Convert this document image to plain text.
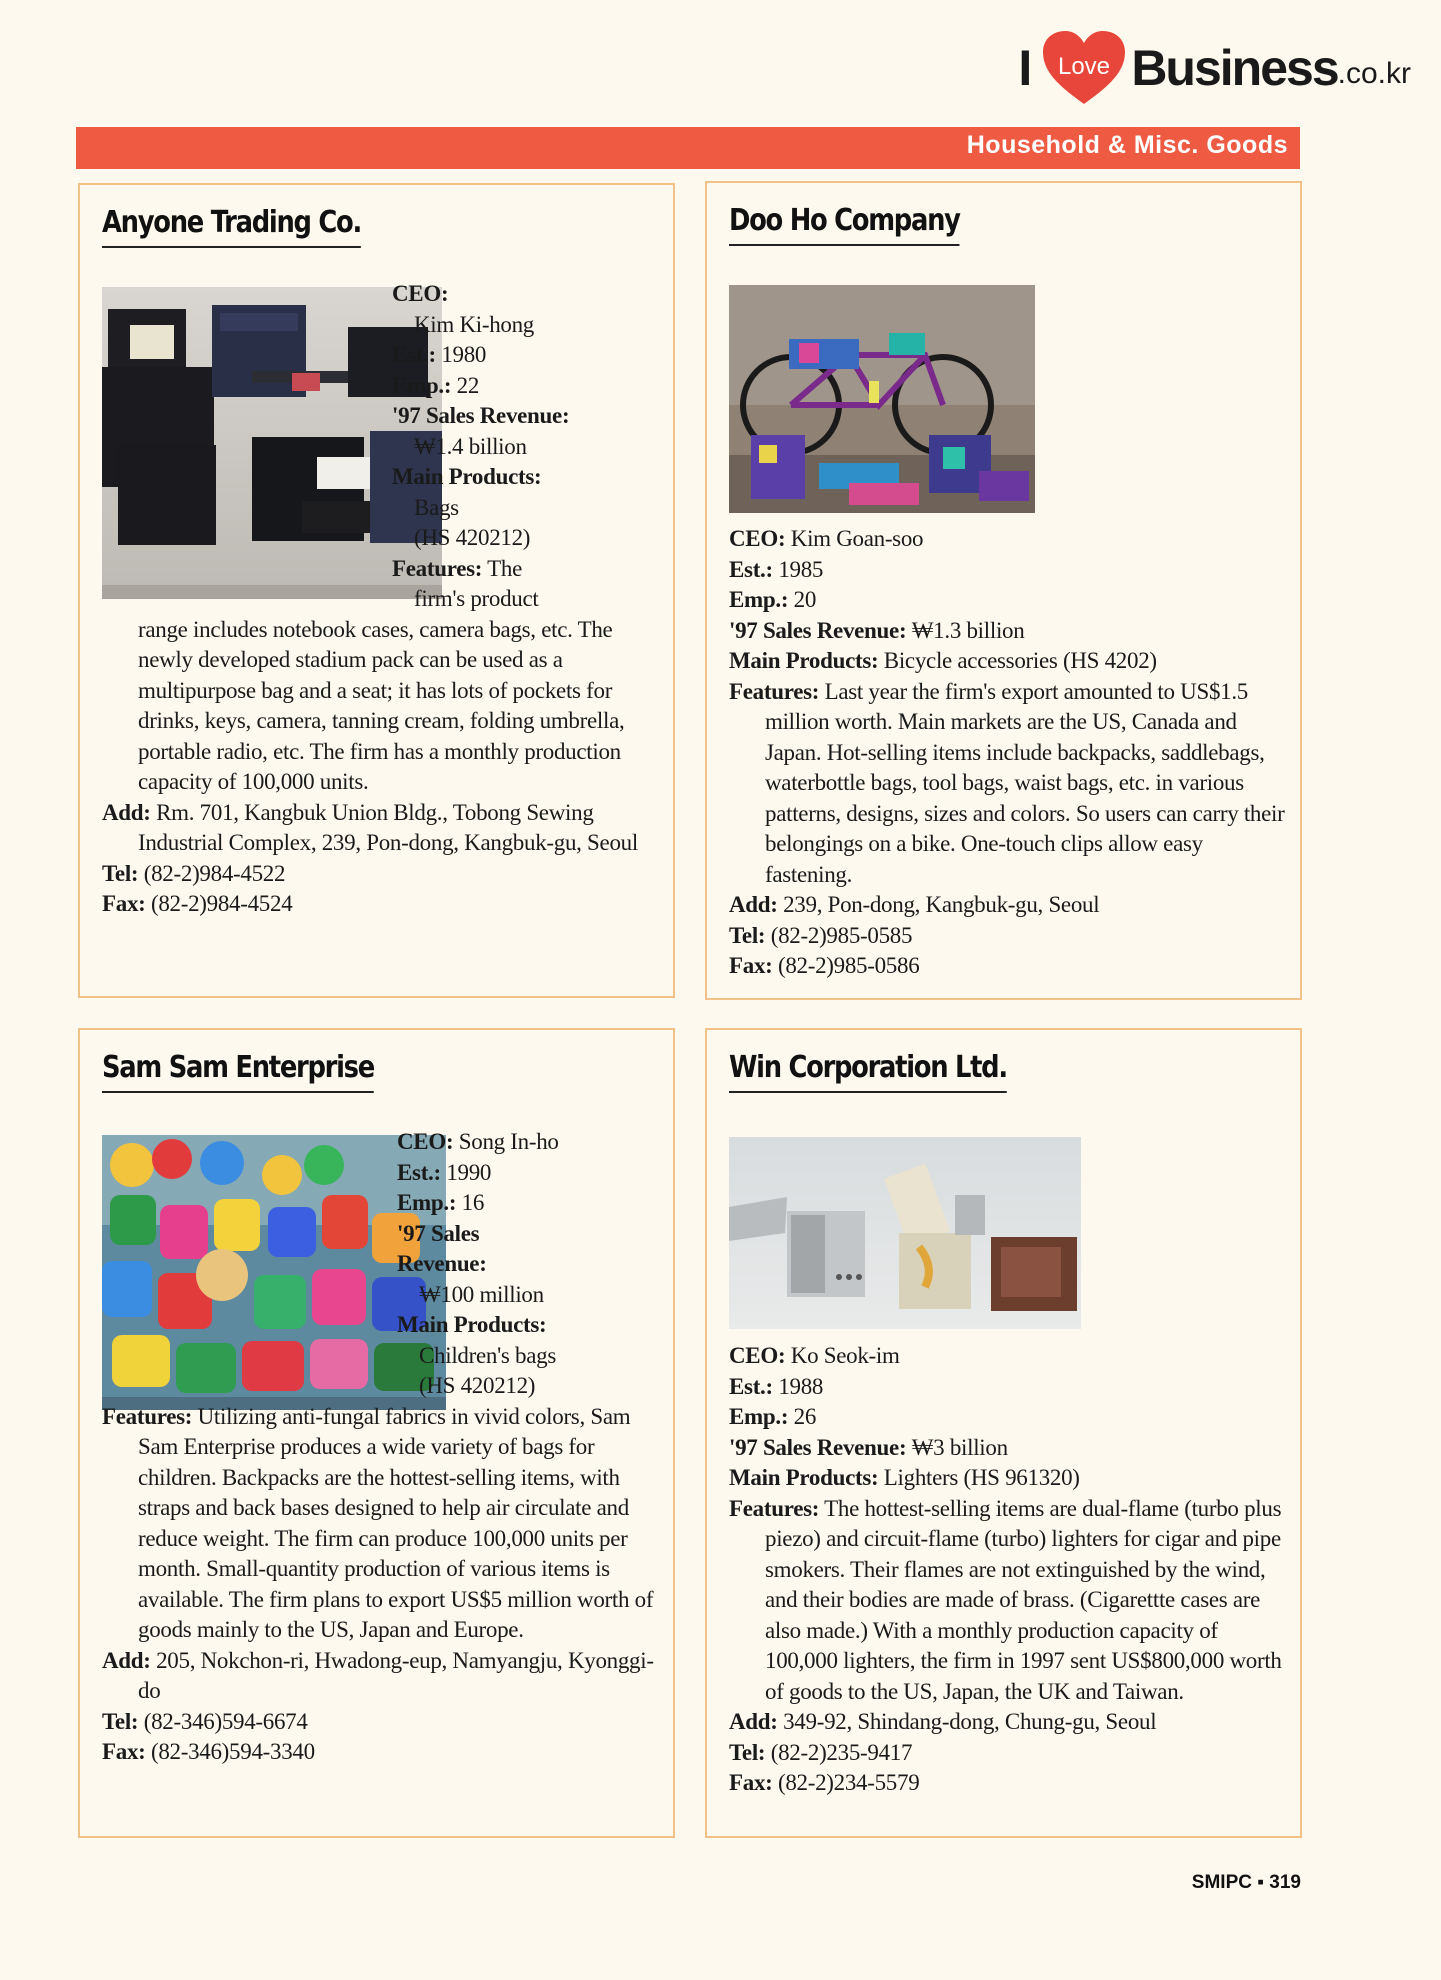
I Love Business .co.kr
Household & Misc. Goods
Anyone Trading Co.
CEO:
Kim Ki-hong
Est.: 1980
Emp.: 22
'97 Sales Revenue:
₩1.4 billion
Main Products:
Bags
(HS 420212)
Features: The
firm's product
range includes notebook cases, camera bags, etc. The newly developed stadium pack can be used as a multipurpose bag and a seat; it has lots of pockets for drinks, keys, camera, tanning cream, folding umbrella, portable radio, etc. The firm has a monthly production capacity of 100,000 units.
Add: Rm. 701, Kangbuk Union Bldg., Tobong Sewing Industrial Complex, 239, Pon-dong, Kangbuk-gu, Seoul
Tel: (82-2)984-4522
Fax: (82-2)984-4524
Doo Ho Company
CEO: Kim Goan-soo
Est.: 1985
Emp.: 20
'97 Sales Revenue: ₩1.3 billion
Main Products: Bicycle accessories (HS 4202)
Features: Last year the firm's export amounted to US$1.5 million worth. Main markets are the US, Canada and Japan. Hot-selling items include backpacks, saddlebags, waterbottle bags, tool bags, waist bags, etc. in various patterns, designs, sizes and colors. So users can carry their belongings on a bike. One-touch clips allow easy fastening.
Add: 239, Pon-dong, Kangbuk-gu, Seoul
Tel: (82-2)985-0585
Fax: (82-2)985-0586
Sam Sam Enterprise
CEO: Song In-ho
Est.: 1990
Emp.: 16
'97 Sales
Revenue:
₩100 million
Main Products:
Children's bags
(HS 420212)
Features: Utilizing anti-fungal fabrics in vivid colors, Sam Sam Enterprise produces a wide variety of bags for children. Backpacks are the hottest-selling items, with straps and back bases designed to help air circulate and reduce weight. The firm can produce 100,000 units per month. Small-quantity production of various items is available. The firm plans to export US$5 million worth of goods mainly to the US, Japan and Europe.
Add: 205, Nokchon-ri, Hwadong-eup, Namyangju, Kyonggi-do
Tel: (82-346)594-6674
Fax: (82-346)594-3340
Win Corporation Ltd.
CEO: Ko Seok-im
Est.: 1988
Emp.: 26
'97 Sales Revenue: ₩3 billion
Main Products: Lighters (HS 961320)
Features: The hottest-selling items are dual-flame (turbo plus piezo) and circuit-flame (turbo) lighters for cigar and pipe smokers. Their flames are not extinguished by the wind, and their bodies are made of brass. (Cigarettte cases are also made.) With a monthly production capacity of 100,000 lighters, the firm in 1997 sent US$800,000 worth of goods to the US, Japan, the UK and Taiwan.
Add: 349-92, Shindang-dong, Chung-gu, Seoul
Tel: (82-2)235-9417
Fax: (82-2)234-5579
SMIPC ▪ 319
